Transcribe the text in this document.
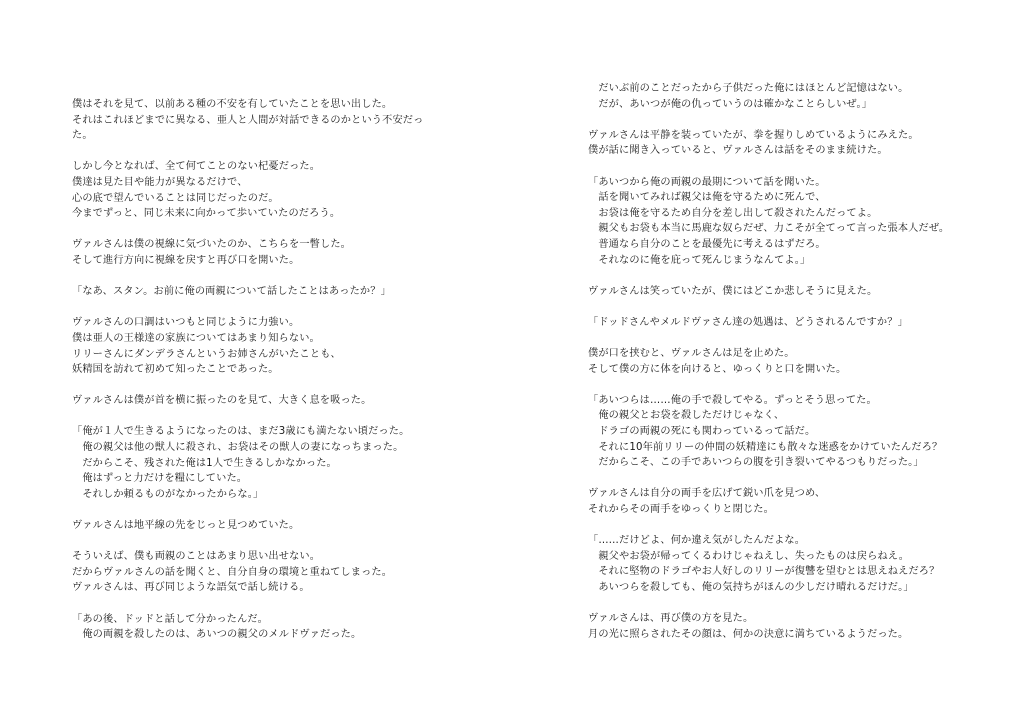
僕はそれを見て、以前ある種の不安を有していたことを思い出した。
それはこれほどまでに異なる、亜人と人間が対話できるのかという不安だっ
た。
しかし今となれば、全て何てことのない杞憂だった。
僕達は見た目や能力が異なるだけで、
心の底で望んでいることは同じだったのだ。
今までずっと、同じ未来に向かって歩いていたのだろう。
ヴァルさんは僕の視線に気づいたのか、こちらを一瞥した。
そして進行方向に視線を戻すと再び口を開いた。
「なあ、スタン。お前に俺の両親について話したことはあったか？」
ヴァルさんの口調はいつもと同じように力強い。
僕は亜人の王様達の家族についてはあまり知らない。
リリーさんにダンデラさんというお姉さんがいたことも、
妖精国を訪れて初めて知ったことであった。
ヴァルさんは僕が首を横に振ったのを見て、大きく息を吸った。
「俺が１人で生きるようになったのは、まだ3歳にも満たない頃だった。
　俺の親父は他の獣人に殺され、お袋はその獣人の妻になっちまった。
　だからこそ、残された俺は1人で生きるしかなかった。
　俺はずっと力だけを糧にしていた。
　それしか頼るものがなかったからな。」
ヴァルさんは地平線の先をじっと見つめていた。
そういえば、僕も両親のことはあまり思い出せない。
だからヴァルさんの話を聞くと、自分自身の環境と重ねてしまった。
ヴァルさんは、再び同じような語気で話し続ける。
「あの後、ドッドと話して分かったんだ。
　俺の両親を殺したのは、あいつの親父のメルドヴァだった。
　だいぶ前のことだったから子供だった俺にはほとんど記憶はない。
　だが、あいつが俺の仇っていうのは確かなことらしいぜ。」
ヴァルさんは平静を装っていたが、拳を握りしめているようにみえた。
僕が話に聞き入っていると、ヴァルさんは話をそのまま続けた。
「あいつから俺の両親の最期について話を聞いた。
　話を聞いてみれば親父は俺を守るために死んで、
　お袋は俺を守るため自分を差し出して殺されたんだってよ。
　親父もお袋も本当に馬鹿な奴らだぜ、力こそが全てって言った張本人だぜ。
　普通なら自分のことを最優先に考えるはずだろ。
　それなのに俺を庇って死んじまうなんてよ。」
ヴァルさんは笑っていたが、僕にはどこか悲しそうに見えた。
「ドッドさんやメルドヴァさん達の処遇は、どうされるんですか？」
僕が口を挟むと、ヴァルさんは足を止めた。
そして僕の方に体を向けると、ゆっくりと口を開いた。
「あいつらは……俺の手で殺してやる。ずっとそう思ってた。
　俺の親父とお袋を殺しただけじゃなく、
　ドラゴの両親の死にも関わっているって話だ。
　それに10年前リリーの仲間の妖精達にも散々な迷惑をかけていたんだろ？
　だからこそ、この手であいつらの腹を引き裂いてやるつもりだった。」
ヴァルさんは自分の両手を広げて鋭い爪を見つめ、
それからその両手をゆっくりと閉じた。
「……だけどよ、何か違え気がしたんだよな。
　親父やお袋が帰ってくるわけじゃねえし、失ったものは戻らねえ。
　それに堅物のドラゴやお人好しのリリーが復讐を望むとは思えねえだろ？
　あいつらを殺しても、俺の気持ちがほんの少しだけ晴れるだけだ。」
ヴァルさんは、再び僕の方を見た。
月の光に照らされたその顔は、何かの決意に満ちているようだった。
